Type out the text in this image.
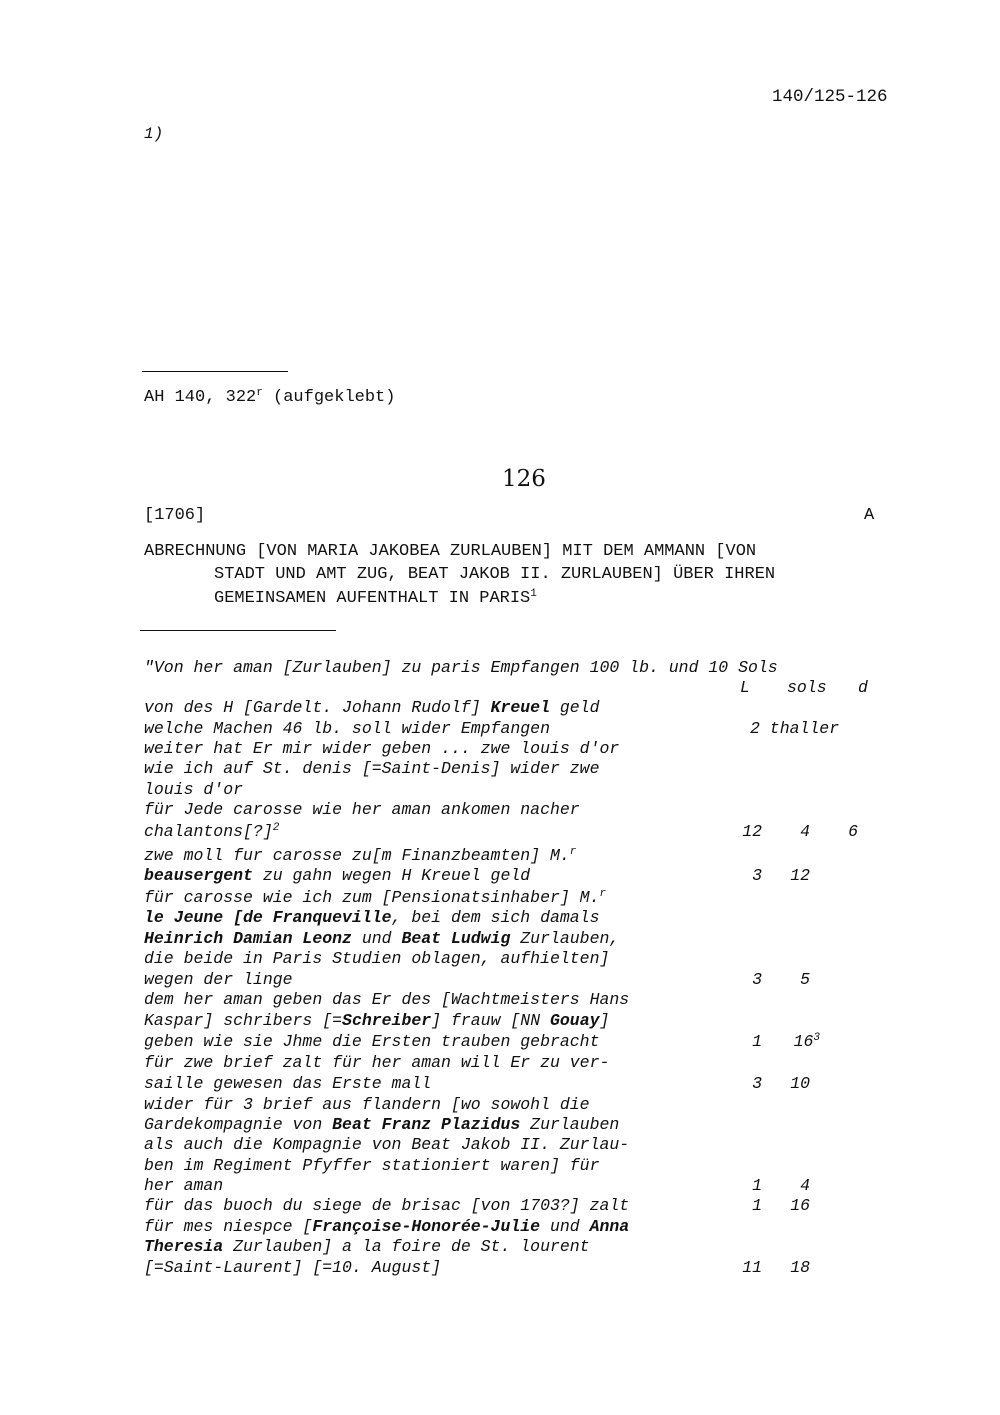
140/125-126
1)
AH 140, 322$^r$ (aufgeklebt)
126
[1706]	A
ABRECHNUNG [VON MARIA JAKOBEA ZURLAUBEN] MIT DEM AMMANN [VON
STADT UND AMT ZUG, BEAT JAKOB II. ZURLAUBEN] ÜBER IHREN
GEMEINSAMEN AUFENTHALT IN PARIS$^1$
"Von her aman [Zurlauben] zu paris Empfangen 100 lb. und 10 Sols
L sols d
von des H [Gardelt. Johann Rudolf] Kreuel geld
welche Machen 46 lb. soll wider Empfangen	2 thaller
weiter hat Er mir wider geben ... zwe louis d'or
wie ich auf St. denis [=Saint-Denis] wider zwe
louis d'or
für Jede carosse wie her aman ankomen nacher
chalantons[?]$^2$	12 4 6
zwe moll fur carosse zu[m Finanzbeamten] M.$^r$
beausergent zu gahn wegen H Kreuel geld	3 12
für carosse wie ich zum [Pensionatsinhaber] M.$^r$
le Jeune [de Franqueville, bei dem sich damals
Heinrich Damian Leonz und Beat Ludwig Zurlauben,
die beide in Paris Studien oblagen, aufhielten]
wegen der linge	3 5
dem her aman geben das Er des [Wachtmeisters Hans
Kaspar] schribers [=Schreiber] frauw [NN Gouay]
geben wie sie Jhme die Ersten trauben gebracht	1 $16^3$
für zwe brief zalt für her aman will Er zu ver-
saille gewesen das Erste mall	3 10
wider für 3 brief aus flandern [wo sowohl die
Gardekompagnie von Beat Franz Plazidus Zurlauben
als auch die Kompagnie von Beat Jakob II. Zurlau-
ben im Regiment Pfyffer stationiert waren] für
her aman	1 4
für das buoch du siege de brisac [von 1703?] zalt	1 16
für mes niespce [Françoise-Honorée-Julie und Anna
Theresia Zurlauben] a la foire de St. lourent
[=Saint-Laurent] [=10. August]	11 18
